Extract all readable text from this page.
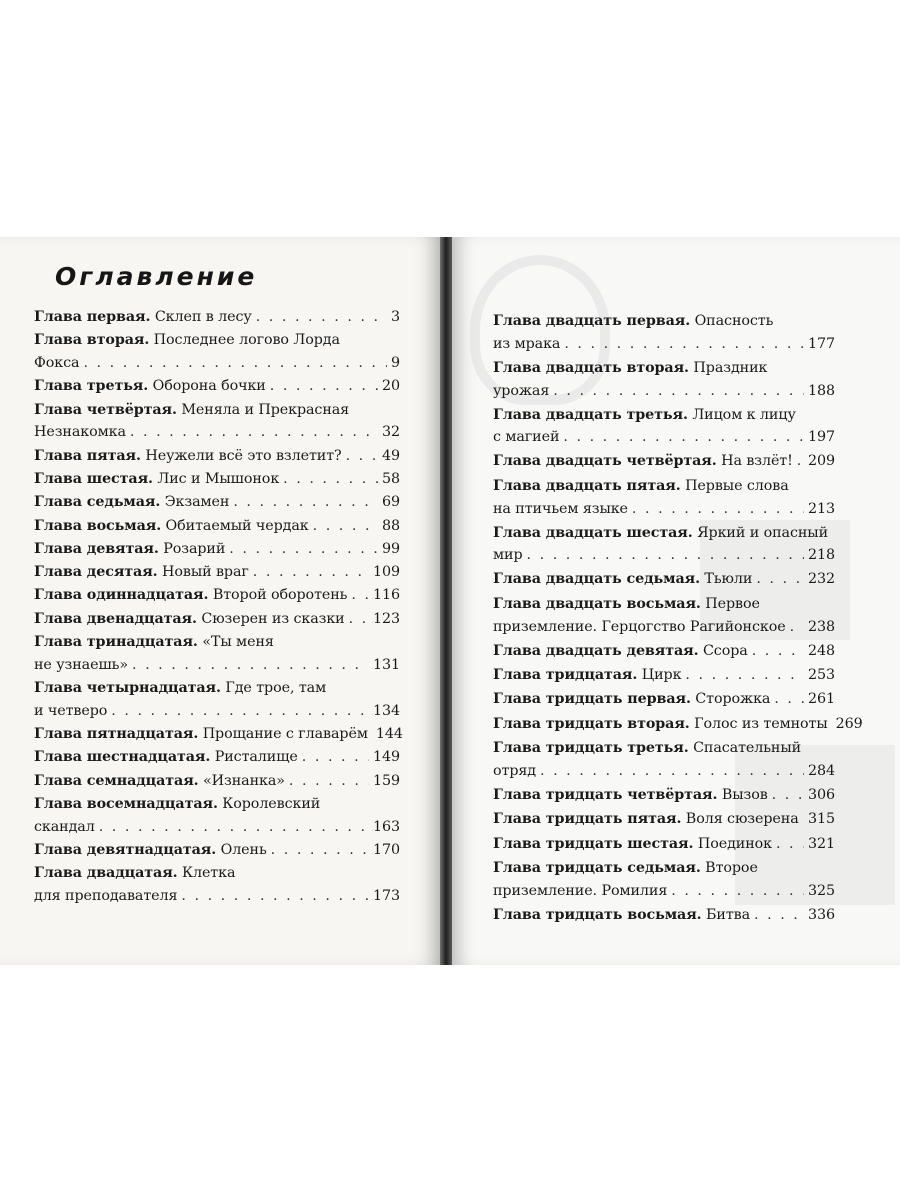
Оглавление
Глава первая.
Склеп в лесу . . .	3
Глава вторая.
Последнее логово Лорда
Фокса . . .	9
Глава третья.
Оборона бочки . . .	20
Глава четвёртая.
Меняла и Прекрасная
Незнакомка . . .	32
Глава пятая.
Неужели всё это взлетит? . . .	49
Глава шестая.
Лис и Мышонок . . .	58
Глава седьмая.
Экзамен . . .	69
Глава восьмая.
Обитаемый чердак . . .	88
Глава девятая.
Розарий . . .	99
Глава десятая.
Новый враг . . .	109
Глава одиннадцатая.
Второй оборотень . . . 116
Глава двенадцатая.
Сюзерен из сказки . . . 123
Глава тринадцатая.
«Ты меня
не узнаешь» . . .	131
Глава четырнадцатая.
Где трое, там
и четверо . . .	134
Глава пятнадцатая.
Прощание с главарём 144
Глава шестнадцатая.
Ристалище . . .	149
Глава семнадцатая.
«Изнанка» . . .	159
Глава восемнадцатая.
Королевский
скандал . . .	163
Глава девятнадцатая.
Олень . . .	170
Глава двадцатая.
Клетка
для преподавателя . . .	173
Глава двадцать первая.
Опасность
из мрака . . .	177
Глава двадцать вторая.
Праздник
урожая . . .	188
Глава двадцать третья.
Лицом к лицу
с магией . . .	197
Глава двадцать четвёртая.
На взлёт! . . . 209
Глава двадцать пятая.
Первые слова
на птичьем языке . . .	213
Глава двадцать шестая.
Яркий и опасный
мир . . .	218
Глава двадцать седьмая.
Тьюли . . .	232
Глава двадцать восьмая.
Первое
приземление. Герцогство Рагийонское . . . 238
Глава двадцать девятая.
Ссора . . .	248
Глава тридцатая.
Цирк . . .	253
Глава тридцать первая.
Сторожка . . .	261
Глава тридцать вторая.
Голос из темноты 269
Глава тридцать третья.
Спасательный
отряд . . .	284
Глава тридцать четвёртая.
Вызов . . .	306
Глава тридцать пятая.
Воля сюзерена . . . 315
Глава тридцать шестая.
Поединок . . .	321
Глава тридцать седьмая.
Второе
приземление. Ромилия . . .	325
Глава тридцать восьмая.
Битва . . .	336
